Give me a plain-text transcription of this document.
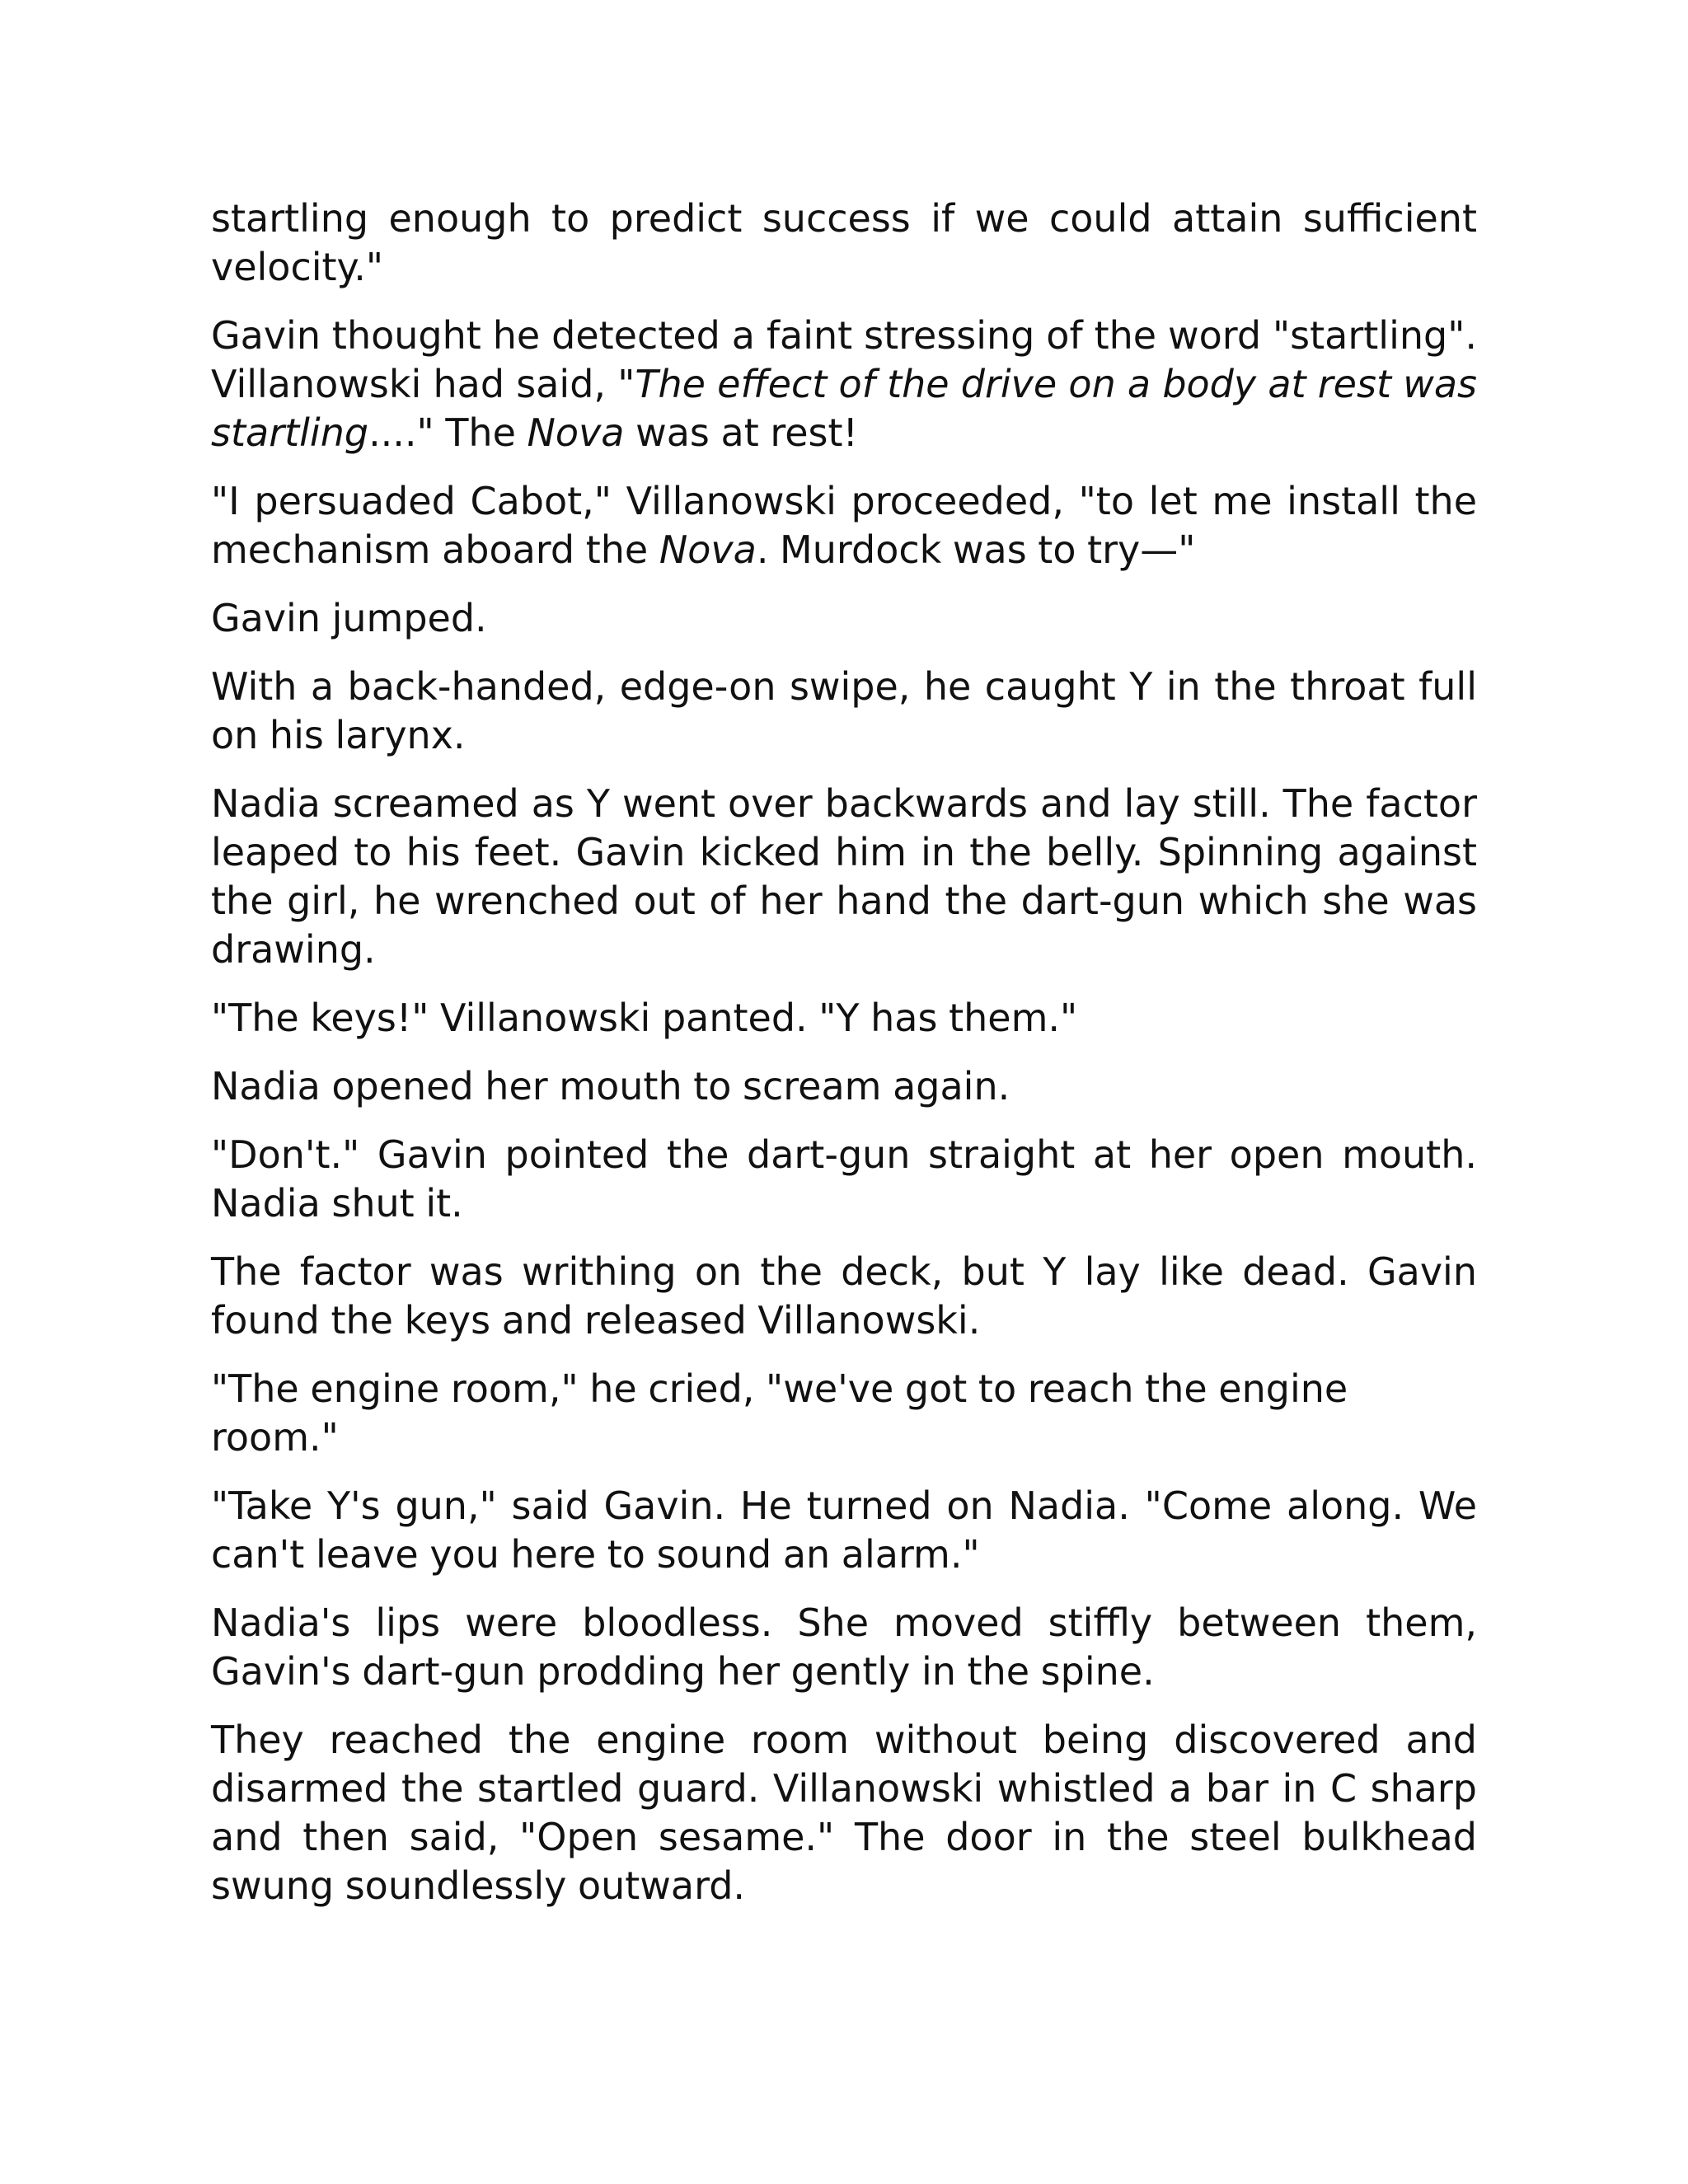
startling enough to predict success if we could attain sufficient velocity."

Gavin thought he detected a faint stressing of the word "startling". Villanowski had said, "The effect of the drive on a body at rest was startling...." The Nova was at rest!

"I persuaded Cabot," Villanowski proceeded, "to let me install the mechanism aboard the Nova. Murdock was to try—"

Gavin jumped.

With a back-handed, edge-on swipe, he caught Y in the throat full on his larynx.

Nadia screamed as Y went over backwards and lay still. The factor leaped to his feet. Gavin kicked him in the belly. Spinning against the girl, he wrenched out of her hand the dart-gun which she was drawing.

"The keys!" Villanowski panted. "Y has them."

Nadia opened her mouth to scream again.

"Don't." Gavin pointed the dart-gun straight at her open mouth. Nadia shut it.

The factor was writhing on the deck, but Y lay like dead. Gavin found the keys and released Villanowski.

"The engine room," he cried, "we've got to reach the engine room."

"Take Y's gun," said Gavin. He turned on Nadia. "Come along. We can't leave you here to sound an alarm."

Nadia's lips were bloodless. She moved stiffly between them, Gavin's dart-gun prodding her gently in the spine.

They reached the engine room without being discovered and disarmed the startled guard. Villanowski whistled a bar in C sharp and then said, "Open sesame." The door in the steel bulkhead swung soundlessly outward.
